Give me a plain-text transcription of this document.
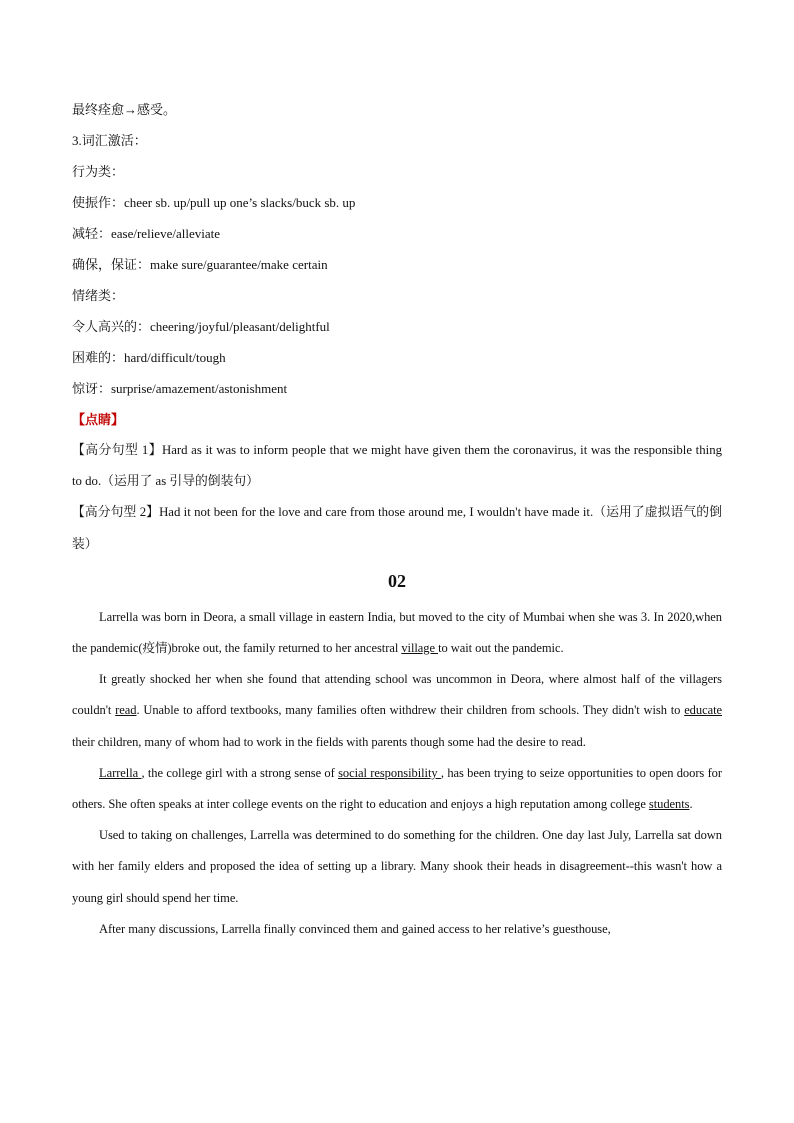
最终痊愈→感受。
3.词汇激活：
行为类：
使振作：cheer sb. up/pull up one’s slacks/buck sb. up
减轻：ease/relieve/alleviate
确保，保证：make sure/guarantee/make certain
情绪类：
令人高兴的：cheering/joyful/pleasant/delightful
困难的：hard/difficult/tough
惊讶：surprise/amazement/astonishment
【点睛】

【高分句型 1】Hard as it was to inform people that we might have given them the coronavirus, it was the responsible thing to do.（运用了 as 引导的倒装句）

【高分句型 2】Had it not been for the love and care from those around me, I wouldn't have made it.（运用了虚拟语气的倒装）

02

Larrella was born in Deora, a small village in eastern India, but moved to the city of Mumbai when she was 3. In 2020,when the pandemic(疫情)broke out, the family returned to her ancestral village to wait out the pandemic.

It greatly shocked her when she found that attending school was uncommon in Deora, where almost half of the villagers couldn't read. Unable to afford textbooks, many families often withdrew their children from schools. They didn't wish to educate their children, many of whom had to work in the fields with parents though some had the desire to read.

Larrella , the college girl with a strong sense of social responsibility , has been trying to seize opportunities to open doors for others. She often speaks at inter college events on the right to education and enjoys a high reputation among college students.

Used to taking on challenges, Larrella was determined to do something for the children. One day last July, Larrella sat down with her family elders and proposed the idea of setting up a library. Many shook their heads in disagreement--this wasn't how a young girl should spend her time.

After many discussions, Larrella finally convinced them and gained access to her relative’s guesthouse,
